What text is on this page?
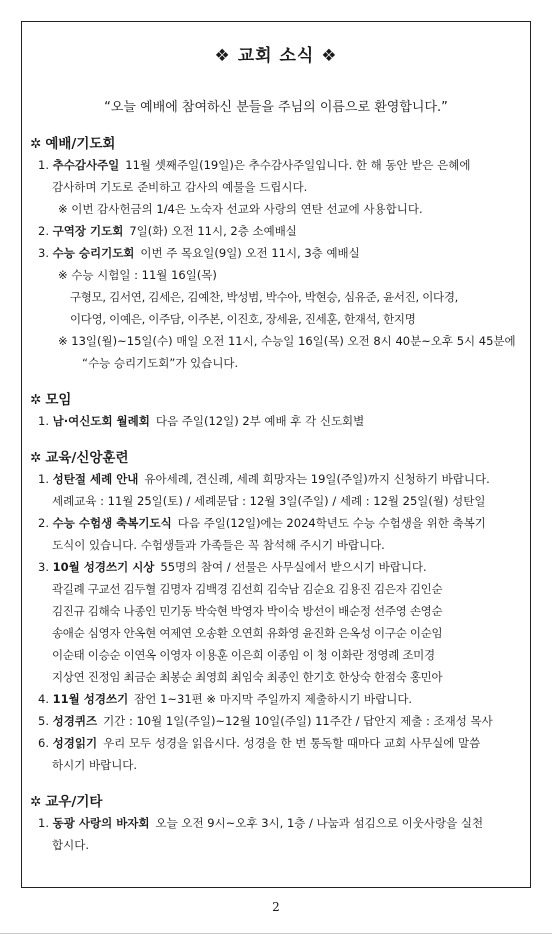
❖ 교회 소식 ❖
“오늘 예배에 참여하신 분들을 주님의 이름으로 환영합니다.”
✲ 예배/기도회
1. 추수감사주일 11월 셋째주일(19일)은 추수감사주일입니다. 한 해 동안 받은 은혜에
감사하며 기도로 준비하고 감사의 예물을 드립시다.
※ 이번 감사헌금의 1/4은 노숙자 선교와 사랑의 연탄 선교에 사용합니다.
2. 구역장 기도회 7일(화) 오전 11시, 2층 소예배실
3. 수능 승리기도회 이번 주 목요일(9일) 오전 11시, 3층 예배실
※ 수능 시험일 : 11월 16일(목)
구형모, 김서연, 김세은, 김예찬, 박성범, 박수아, 박현승, 심유준, 윤서진, 이다경,
이다영, 이예은, 이주담, 이주본, 이진호, 장세윤, 진세훈, 한재석, 한지명
※ 13일(월)~15일(수) 매일 오전 11시, 수능일 16일(목) 오전 8시 40분~오후 5시 45분에
“수능 승리기도회”가 있습니다.
✲ 모임
1. 남·여신도회 월례회 다음 주일(12일) 2부 예배 후 각 신도회별
✲ 교육/신앙훈련
1. 성탄절 세례 안내 유아세례, 견신례, 세례 희망자는 19일(주일)까지 신청하기 바랍니다.
세례교육 : 11월 25일(토) / 세례문답 : 12월 3일(주일) / 세례 : 12월 25일(월) 성탄일
2. 수능 수험생 축복기도식 다음 주일(12일)에는 2024학년도 수능 수험생을 위한 축복기
도식이 있습니다. 수험생들과 가족들은 꼭 참석해 주시기 바랍니다.
3. 10월 성경쓰기 시상 55명의 참여 / 선물은 사무실에서 받으시기 바랍니다.
곽길례 구교선 김두혈 김명자 김백경 김선희 김숙남 김순요 김용진 김은자 김인순
김진규 김해숙 나종인 민기동 박숙현 박영자 박이숙 방선이 배순정 선주영 손영순
송애순 심영자 안옥현 여제연 오송환 오연희 유화영 윤진화 은옥성 이구순 이순임
이순태 이승순 이연옥 이영자 이용훈 이은희 이종임 이 청 이화란 정영례 조미경
지상연 진정임 최금순 최봉순 최영희 최임숙 최종인 한기호 한상숙 한점숙 홍민아
4. 11월 성경쓰기 잠언 1~31편 ※ 마지막 주일까지 제출하시기 바랍니다.
5. 성경퀴즈 기간 : 10월 1일(주일)~12월 10일(주일) 11주간 / 답안지 제출 : 조재성 목사
6. 성경읽기 우리 모두 성경을 읽읍시다. 성경을 한 번 통독할 때마다 교회 사무실에 말씀
하시기 바랍니다.
✲ 교우/기타
1. 동광 사랑의 바자회 오늘 오전 9시~오후 3시, 1층 / 나눔과 섬김으로 이웃사랑을 실천
합시다.
2
